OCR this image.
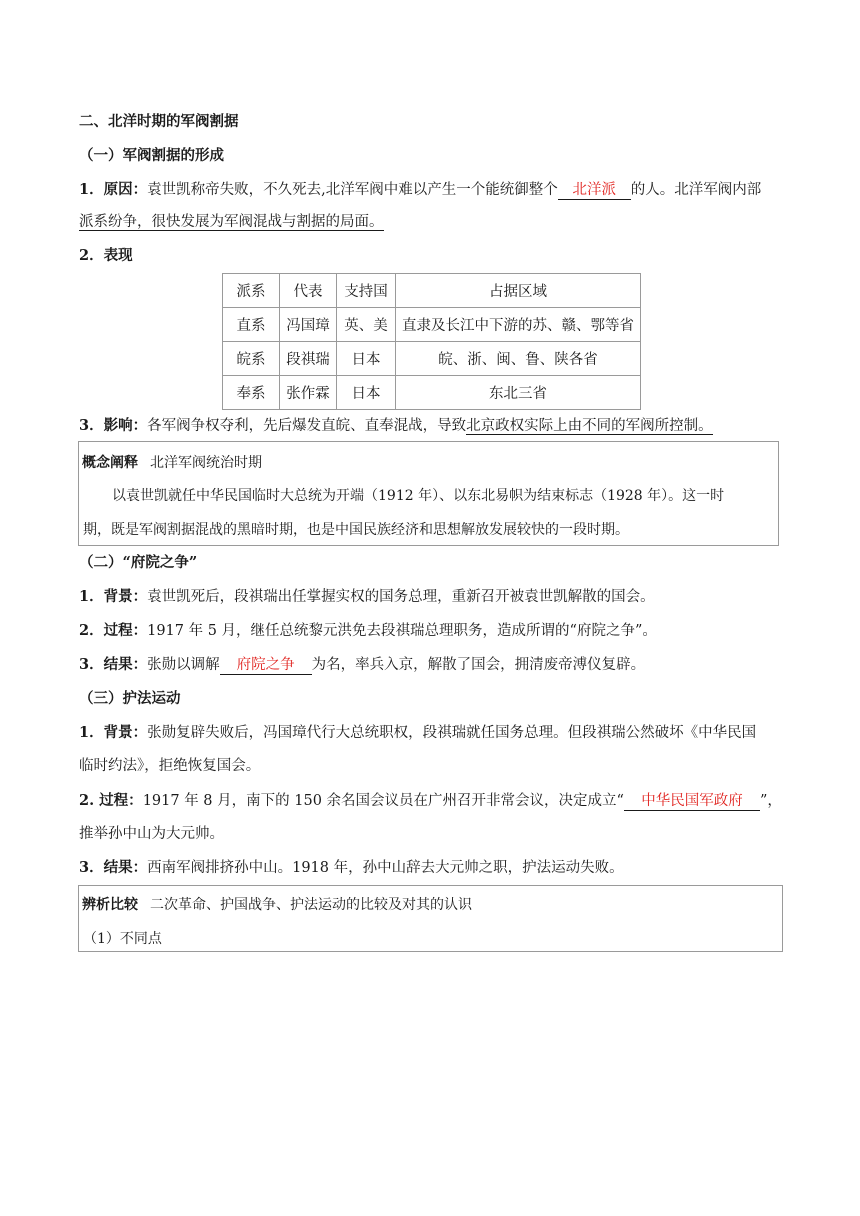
二、北洋时期的军阀割据
（一）军阀割据的形成
1．原因：袁世凯称帝失败，不久死去,北洋军阀中难以产生一个能统御整个 北洋派 的人。北洋军阀内部
派系纷争，很快发展为军阀混战与割据的局面。
2．表现
派系	代表	支持国	占据区域
直系	冯国璋	英、美	直隶及长江中下游的苏、赣、鄂等省
皖系	段祺瑞	日本	皖、浙、闽、鲁、陕各省
奉系	张作霖	日本	东北三省
3．影响：各军阀争权夺利，先后爆发直皖、直奉混战，导致北京政权实际上由不同的军阀所控制。
概念阐释 北洋军阀统治时期
以袁世凯就任中华民国临时大总统为开端（1912 年）、以东北易帜为结束标志（1928 年）。这一时
期，既是军阀割据混战的黑暗时期，也是中国民族经济和思想解放发展较快的一段时期。
（二）“府院之争”
1．背景：袁世凯死后，段祺瑞出任掌握实权的国务总理，重新召开被袁世凯解散的国会。
2．过程：1917 年 5 月，继任总统黎元洪免去段祺瑞总理职务，造成所谓的“府院之争”。
3．结果：张勋以调解 府院之争 为名，率兵入京，解散了国会，拥清废帝溥仪复辟。
（三）护法运动
1．背景：张勋复辟失败后，冯国璋代行大总统职权，段祺瑞就任国务总理。但段祺瑞公然破坏《中华民国
临时约法》，拒绝恢复国会。
2. 过程：1917 年 8 月，南下的 150 余名国会议员在广州召开非常会议，决定成立“ 中华民国军政府 ”，
推举孙中山为大元帅。
3．结果：西南军阀排挤孙中山。1918 年，孙中山辞去大元帅之职，护法运动失败。
辨析比较 二次革命、护国战争、护法运动的比较及对其的认识
（1）不同点
